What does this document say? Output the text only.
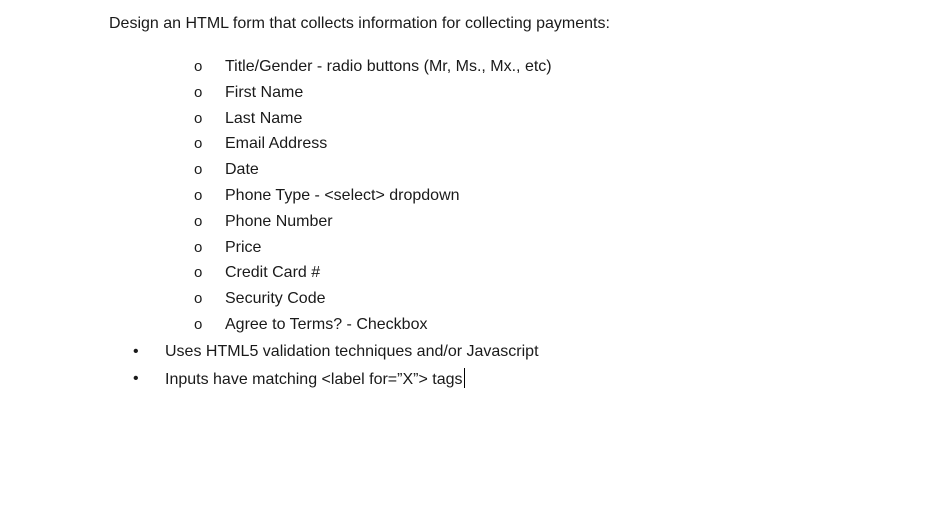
Design an HTML form that collects information for collecting payments:
o	Title/Gender - radio buttons (Mr, Ms., Mx., etc)
o	First Name
o	Last Name
o	Email Address
o	Date
o	Phone Type - <select> dropdown
o	Phone Number
o	Price
o	Credit Card #
o	Security Code
o	Agree to Terms? - Checkbox
• Uses HTML5 validation techniques and/or Javascript
• Inputs have matching <label for=”X”> tags
